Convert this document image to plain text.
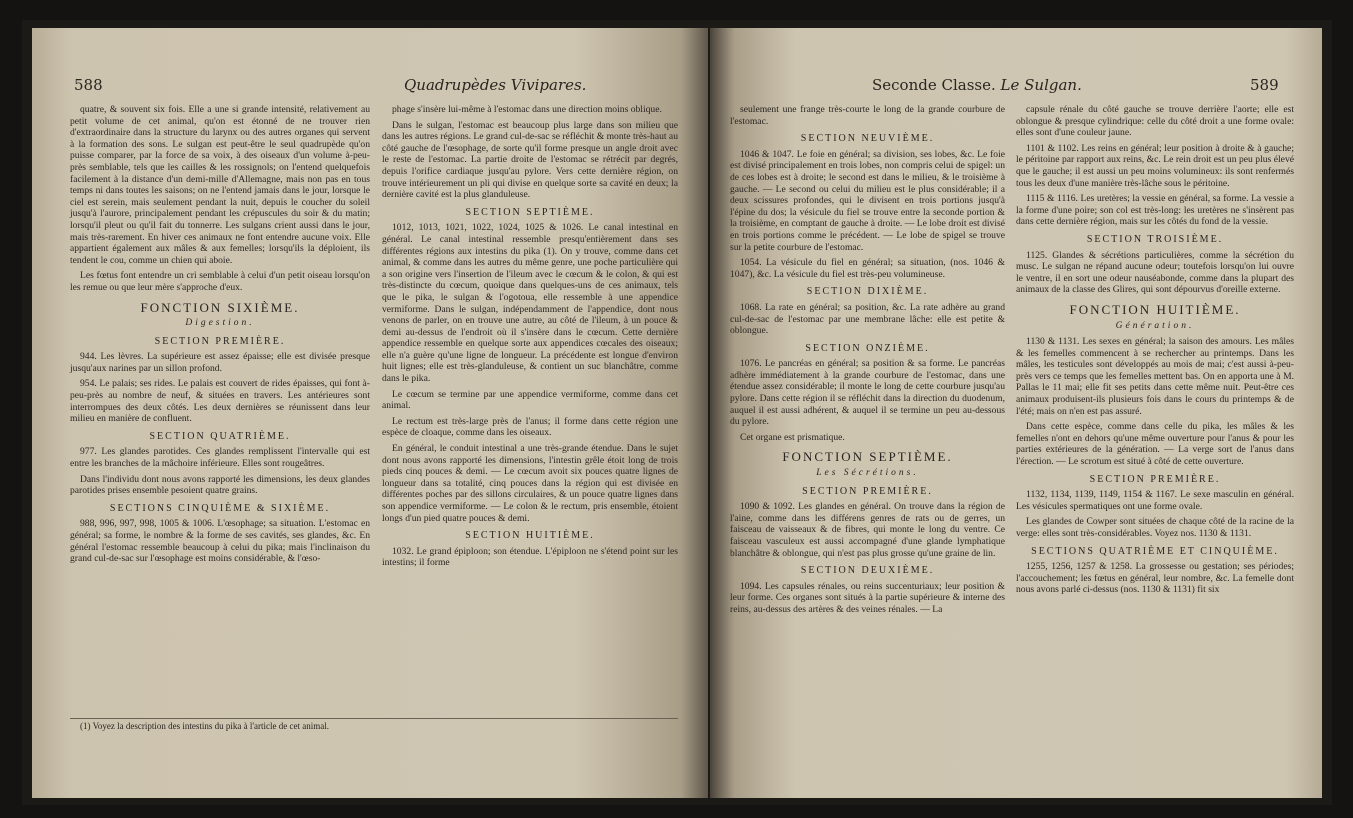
588	Quadrupèdes Vivipares.

quatre, & souvent six fois. Elle a une si grande intensité, relativement au petit volume de cet animal, qu'on est étonné de ne trouver rien d'extraordinaire dans la structure du larynx ou des autres organes qui servent à la formation des sons. Le sulgan est peut-être le seul quadrupède qu'on puisse comparer, par la force de sa voix, à des oiseaux d'un volume à-peu-près semblable, tels que les cailles & les rossignols; on l'entend quelquefois facilement à la distance d'un demi-mille d'Allemagne, mais non pas en tous temps ni dans toutes les saisons; on ne l'entend jamais dans le jour, lorsque le ciel est serein, mais seulement pendant la nuit, depuis le coucher du soleil jusqu'à l'aurore, principalement pendant les crépuscules du soir & du matin; lorsqu'il pleut ou qu'il fait du tonnerre. Les sulgans crient aussi dans le jour, mais très-rarement. En hiver ces animaux ne font entendre aucune voix. Elle appartient également aux mâles & aux femelles; lorsqu'ils la déploient, ils tendent le cou, comme un chien qui aboie.

Les fœtus font entendre un cri semblable à celui d'un petit oiseau lorsqu'on les remue ou que leur mère s'approche d'eux.

FONCTION SIXIÈME.
Digestion.
SECTION PREMIÈRE.

944. Les lèvres. La supérieure est assez épaisse; elle est divisée presque jusqu'aux narines par un sillon profond.

954. Le palais; ses rides. Le palais est couvert de rides épaisses, qui font à-peu-près au nombre de neuf, & situées en travers. Les antérieures sont interrompues des deux côtés. Les deux dernières se réunissent dans leur milieu en manière de confluent.

SECTION QUATRIÈME.

977. Les glandes parotides. Ces glandes remplissent l'intervalle qui est entre les branches de la mâchoire inférieure. Elles sont rougeâtres.

Dans l'individu dont nous avons rapporté les dimensions, les deux glandes parotides prises ensemble pesoient quatre grains.

SECTIONS CINQUIÈME & SIXIÈME.

988, 996, 997, 998, 1005 & 1006. L'œsophage; sa situation. L'estomac en général; sa forme, le nombre & la forme de ses cavités, ses glandes, &c. En général l'estomac ressemble beaucoup à celui du pika; mais l'inclinaison du grand cul-de-sac sur l'œsophage est moins considérable, & l'œso-

phage s'insère lui-même à l'estomac dans une direction moins oblique.

Dans le sulgan, l'estomac est beaucoup plus large dans son milieu que dans les autres régions. Le grand cul-de-sac se réfléchit & monte très-haut au côté gauche de l'œsophage, de sorte qu'il forme presque un angle droit avec le reste de l'estomac. La partie droite de l'estomac se rétrécit par degrés, depuis l'orifice cardiaque jusqu'au pylore. Vers cette dernière région, on trouve intérieurement un pli qui divise en quelque sorte sa cavité en deux; la dernière cavité est la plus glanduleuse.

SECTION SEPTIÈME.

1012, 1013, 1021, 1022, 1024, 1025 & 1026. Le canal intestinal en général. Le canal intestinal ressemble presqu'entièrement dans ses différentes régions aux intestins du pika (1). On y trouve, comme dans cet animal, & comme dans les autres du même genre, une poche particulière qui a son origine vers l'insertion de l'ileum avec le cœcum & le colon, & qui est très-distincte du cœcum, quoique dans quelques-uns de ces animaux, tels que le pika, le sulgan & l'ogotoua, elle ressemble à une appendice vermiforme. Dans le sulgan, indépendamment de l'appendice, dont nous venons de parler, on en trouve une autre, au côté de l'ileum, à un pouce & demi au-dessus de l'endroit où il s'insère dans le cœcum. Cette dernière appendice ressemble en quelque sorte aux appendices cœcales des oiseaux; elle n'a guère qu'une ligne de longueur. La précédente est longue d'environ huit lignes; elle est très-glanduleuse, & contient un suc blanchâtre, comme dans le pika.

Le cœcum se termine par une appendice vermiforme, comme dans cet animal.

Le rectum est très-large près de l'anus; il forme dans cette région une espèce de cloaque, comme dans les oiseaux.

En général, le conduit intestinal a une très-grande étendue. Dans le sujet dont nous avons rapporté les dimensions, l'intestin grêle étoit long de trois pieds cinq pouces & demi. — Le cœcum avoit six pouces quatre lignes de longueur dans sa totalité, cinq pouces dans la région qui est divisée en différentes poches par des sillons circulaires, & un pouce quatre lignes dans son appendice vermiforme. — Le colon & le rectum, pris ensemble, étoient longs d'un pied quatre pouces & demi.

SECTION HUITIÈME.

1032. Le grand épiploon; son étendue. L'épiploon ne s'étend point sur les intestins; il forme

(1) Voyez la description des intestins du pika à l'article de cet animal.
Seconde Classe. Le Sulgan.	589

seulement une frange très-courte le long de la grande courbure de l'estomac.

SECTION NEUVIÈME.

1046 & 1047. Le foie en général; sa division, ses lobes, &c. Le foie est divisé principalement en trois lobes, non compris celui de spigel: un de ces lobes est à droite; le second est dans le milieu, & le troisième à gauche. — Le second ou celui du milieu est le plus considérable; il a deux scissures profondes, qui le divisent en trois portions jusqu'à l'épine du dos; la vésicule du fiel se trouve entre la seconde portion & la troisième, en comptant de gauche à droite. — Le lobe droit est divisé en trois portions comme le précédent. — Le lobe de spigel se trouve sur la petite courbure de l'estomac.

1054. La vésicule du fiel en général; sa situation, (nos. 1046 & 1047), &c. La vésicule du fiel est très-peu volumineuse.

SECTION DIXIÈME.

1068. La rate en général; sa position, &c. La rate adhère au grand cul-de-sac de l'estomac par une membrane lâche: elle est petite & oblongue.

SECTION ONZIÈME.

1076. Le pancréas en général; sa position & sa forme. Le pancréas adhère immédiatement à la grande courbure de l'estomac, dans une étendue assez considérable; il monte le long de cette courbure jusqu'au pylore. Dans cette région il se réfléchit dans la direction du duodenum, auquel il est aussi adhérent, & auquel il se termine un peu au-dessous du pylore.

Cet organe est prismatique.

FONCTION SEPTIÈME.
Les Sécrétions.
SECTION PREMIÈRE.

1090 & 1092. Les glandes en général. On trouve dans la région de l'aine, comme dans les différens genres de rats ou de gerres, un faisceau de vaisseaux & de fibres, qui monte le long du ventre. Ce faisceau vasculeux est aussi accompagné d'une glande lymphatique blanchâtre & oblongue, qui n'est pas plus grosse qu'une graine de lin.

SECTION DEUXIÈME.

1094. Les capsules rénales, ou reins succenturiaux; leur position & leur forme. Ces organes sont situés à la partie supérieure & interne des reins, au-dessus des artères & des veines rénales. — La

capsule rénale du côté gauche se trouve derrière l'aorte; elle est oblongue & presque cylindrique: celle du côté droit a une forme ovale: elles sont d'une couleur jaune.

1101 & 1102. Les reins en général; leur position à droite & à gauche; le péritoine par rapport aux reins, &c. Le rein droit est un peu plus élevé que le gauche; il est aussi un peu moins volumineux: ils sont renfermés tous les deux d'une manière très-lâche sous le péritoine.

1115 & 1116. Les uretères; la vessie en général, sa forme. La vessie a la forme d'une poire; son col est très-long: les uretères ne s'insèrent pas dans cette dernière région, mais sur les côtés du fond de la vessie.

SECTION TROISIÈME.

1125. Glandes & sécrétions particulières, comme la sécrétion du musc. Le sulgan ne répand aucune odeur; toutefois lorsqu'on lui ouvre le ventre, il en sort une odeur nauséabonde, comme dans la plupart des animaux de la classe des Glires, qui sont dépourvus d'oreille externe.

FONCTION HUITIÈME.
Génération.

1130 & 1131. Les sexes en général; la saison des amours. Les mâles & les femelles commencent à se rechercher au printemps. Dans les mâles, les testicules sont développés au mois de mai; c'est aussi à-peu-près vers ce temps que les femelles mettent bas. On en apporta une à M. Pallas le 11 mai; elle fit ses petits dans cette même nuit. Peut-être ces animaux produisent-ils plusieurs fois dans le cours du printemps & de l'été; mais on n'en est pas assuré.

Dans cette espèce, comme dans celle du pika, les mâles & les femelles n'ont en dehors qu'une même ouverture pour l'anus & pour les parties extérieures de la génération. — La verge sort de l'anus dans l'érection. — Le scrotum est situé à côté de cette ouverture.

SECTION PREMIÈRE.

1132, 1134, 1139, 1149, 1154 & 1167. Le sexe masculin en général. Les vésicules spermatiques ont une forme ovale.

Les glandes de Cowper sont situées de chaque côté de la racine de la verge: elles sont très-considérables. Voyez nos. 1130 & 1131.

SECTIONS QUATRIÈME ET CINQUIÈME.

1255, 1256, 1257 & 1258. La grossesse ou gestation; ses périodes; l'accouchement; les fœtus en général, leur nombre, &c. La femelle dont nous avons parlé ci-dessus (nos. 1130 & 1131) fit six
